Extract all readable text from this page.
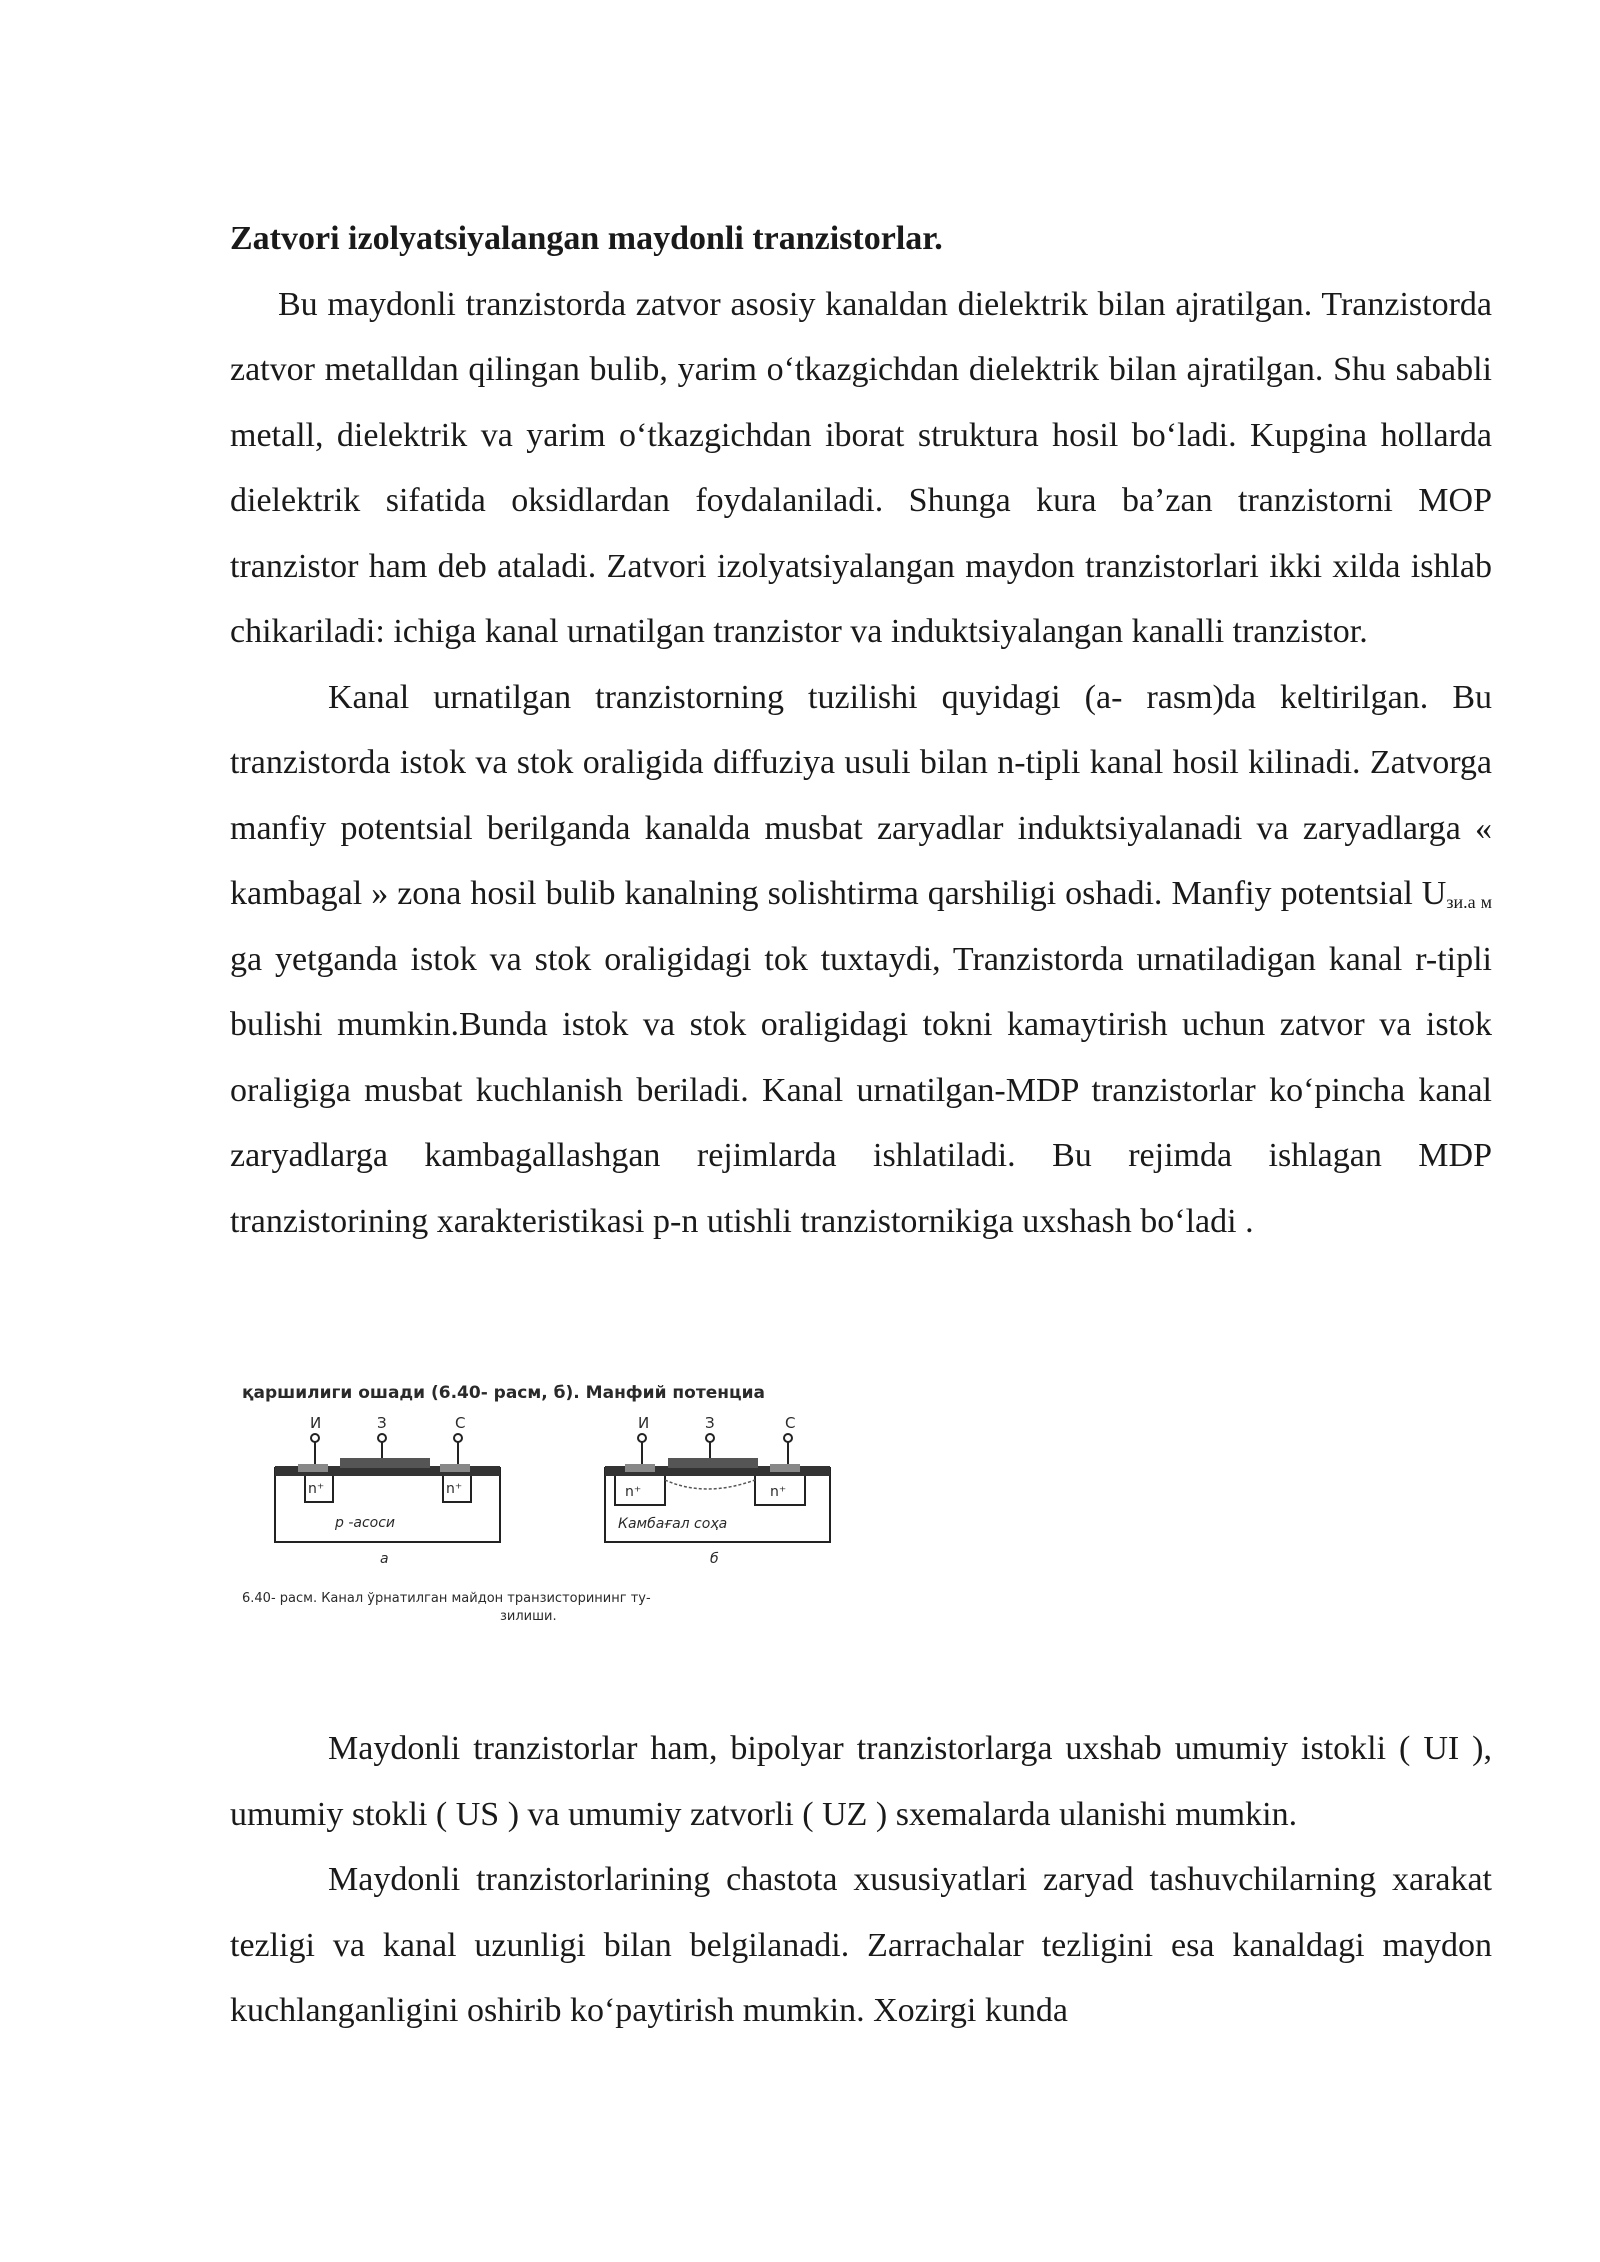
Zatvori izolyatsiyalangan maydonli tranzistorlar.

Bu maydonli tranzistorda zatvor asosiy kanaldan dielektrik bilan ajratilgan. Tranzistorda zatvor metalldan qilingan bulib, yarim o‘tkazgichdan dielektrik bilan ajratilgan. Shu sababli metall, dielektrik va yarim o‘tkazgichdan iborat struktura hosil bo‘ladi. Kupgina hollarda dielektrik sifatida oksidlardan foydalaniladi. Shunga kura ba’zan tranzistorni MOP tranzistor ham deb ataladi. Zatvori izolyatsiyalangan maydon tranzistorlari ikki xilda ishlab chikariladi: ichiga kanal urnatilgan tranzistor va induktsiyalangan kanalli tranzistor.

Kanal urnatilgan tranzistorning tuzilishi quyidagi (a- rasm)da keltirilgan. Bu tranzistorda istok va stok oraligida diffuziya usuli bilan n-tipli kanal hosil kilinadi. Zatvorga manfiy potentsial berilganda kanalda musbat zaryadlar induktsiyalanadi va zaryadlarga « kambagal » zona hosil bulib kanalning solishtirma qarshiligi oshadi. Manfiy potentsial $U_{зи.а м}$ ga yetganda istok va stok oraligidagi tok tuxtaydi, Tranzistorda urnatiladigan kanal r-tipli bulishi mumkin.Bunda istok va stok oraligidagi tokni kamaytirish uchun zatvor va istok oraligiga musbat kuchlanish beriladi. Kanal urnatilgan-MDP tranzistorlar ko‘pincha kanal zaryadlarga kambagallashgan rejimlarda ishlatiladi. Bu rejimda ishlagan MDP tranzistorining xarakteristikasi p-n utishli tranzistornikiga uxshash bo‘ladi .

қаршилиги ошади (6.40- расм, б). Манфий потенциа
И	З	С
n⁺	n⁺
p -асоси
a
И	З	С
n⁺	n⁺
Камбағал соҳа
б
6.40- расм. Канал ўрнатилган майдон транзисторининг ту-
зилиши.

Maydonli tranzistorlar ham, bipolyar tranzistorlarga uxshab umumiy istokli ( UI ), umumiy stokli ( US ) va umumiy zatvorli ( UZ ) sxemalarda ulanishi mumkin.

Maydonli tranzistorlarining chastota xususiyatlari zaryad tashuvchilarning xarakat tezligi va kanal uzunligi bilan belgilanadi. Zarrachalar tezligini esa kanaldagi maydon kuchlanganligini oshirib ko‘paytirish mumkin. Xozirgi kunda
